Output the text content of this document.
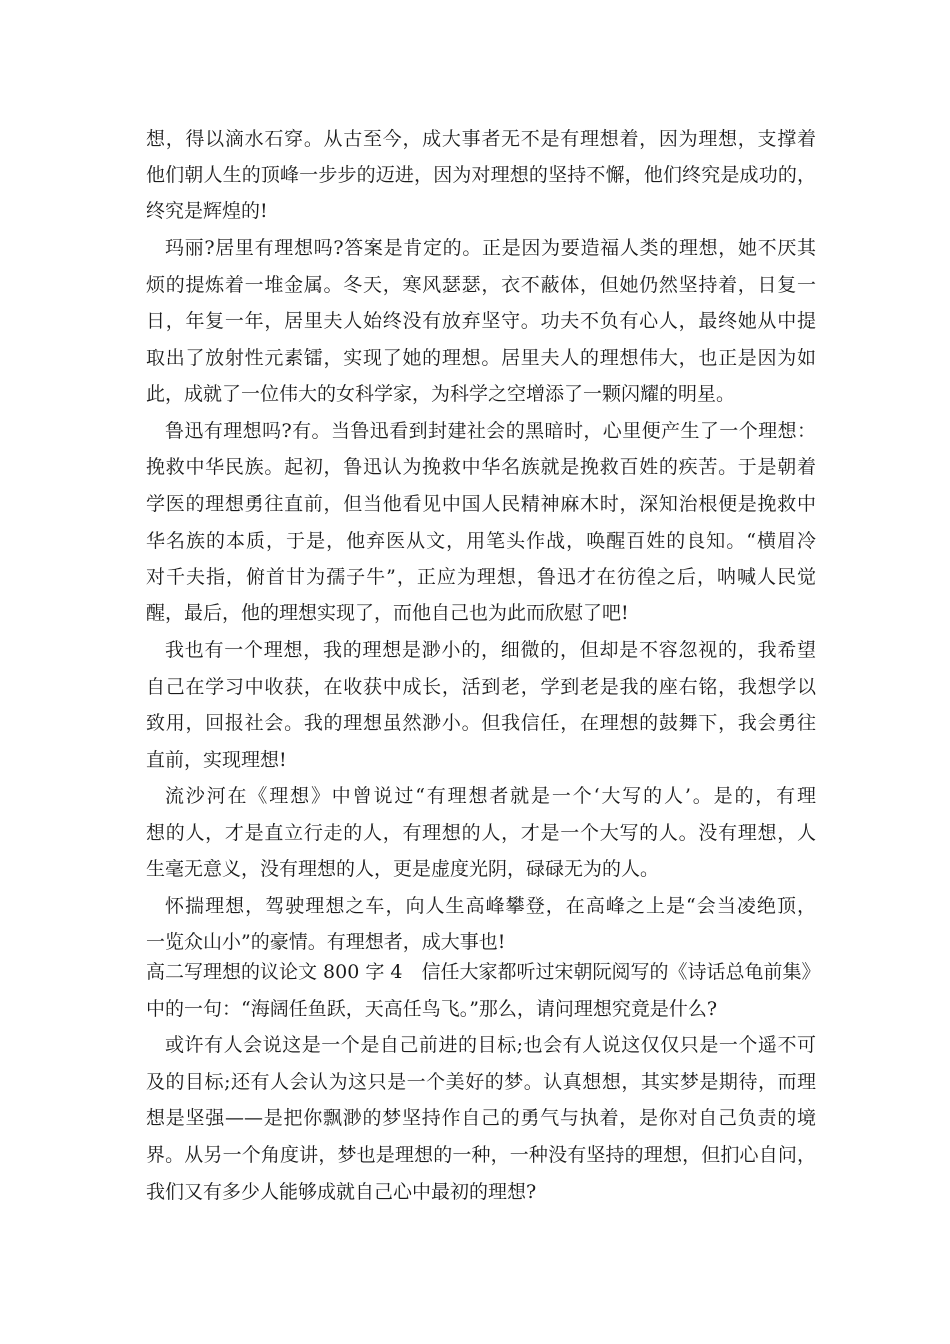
想，得以滴水石穿。从古至今，成大事者无不是有理想着，因为理想，支撑着
他们朝人生的顶峰一步步的迈进，因为对理想的坚持不懈，他们终究是成功的，
终究是辉煌的!
玛丽?居里有理想吗?答案是肯定的。正是因为要造福人类的理想，她不厌其
烦的提炼着一堆金属。冬天，寒风瑟瑟，衣不蔽体，但她仍然坚持着，日复一
日，年复一年，居里夫人始终没有放弃坚守。功夫不负有心人，最终她从中提
取出了放射性元素镭，实现了她的理想。居里夫人的理想伟大，也正是因为如
此，成就了一位伟大的女科学家，为科学之空增添了一颗闪耀的明星。
鲁迅有理想吗?有。当鲁迅看到封建社会的黑暗时，心里便产生了一个理想：
挽救中华民族。起初，鲁迅认为挽救中华名族就是挽救百姓的疾苦。于是朝着
学医的理想勇往直前，但当他看见中国人民精神麻木时，深知治根便是挽救中
华名族的本质，于是，他弃医从文，用笔头作战，唤醒百姓的良知。“横眉冷
对千夫指，俯首甘为孺子牛”，正应为理想，鲁迅才在彷徨之后，呐喊人民觉
醒，最后，他的理想实现了，而他自己也为此而欣慰了吧!
我也有一个理想，我的理想是渺小的，细微的，但却是不容忽视的，我希望
自己在学习中收获，在收获中成长，活到老，学到老是我的座右铭，我想学以
致用，回报社会。我的理想虽然渺小。但我信任，在理想的鼓舞下，我会勇往
直前，实现理想!
流沙河在《理想》中曾说过“有理想者就是一个‘大写的人’。是的，有理
想的人，才是直立行走的人，有理想的人，才是一个大写的人。没有理想，人
生毫无意义，没有理想的人，更是虚度光阴，碌碌无为的人。
怀揣理想，驾驶理想之车，向人生高峰攀登，在高峰之上是“会当凌绝顶，
一览众山小”的豪情。有理想者，成大事也!
高二写理想的议论文 800 字 4　信任大家都听过宋朝阮阅写的《诗话总龟前集》
中的一句：“海阔任鱼跃，天高任鸟飞。”那么，请问理想究竟是什么?
或许有人会说这是一个是自己前进的目标;也会有人说这仅仅只是一个遥不可
及的目标;还有人会认为这只是一个美好的梦。认真想想，其实梦是期待，而理
想是坚强——是把你飘渺的梦坚持作自己的勇气与执着，是你对自己负责的境
界。从另一个角度讲，梦也是理想的一种，一种没有坚持的理想，但扪心自问，
我们又有多少人能够成就自己心中最初的理想?
